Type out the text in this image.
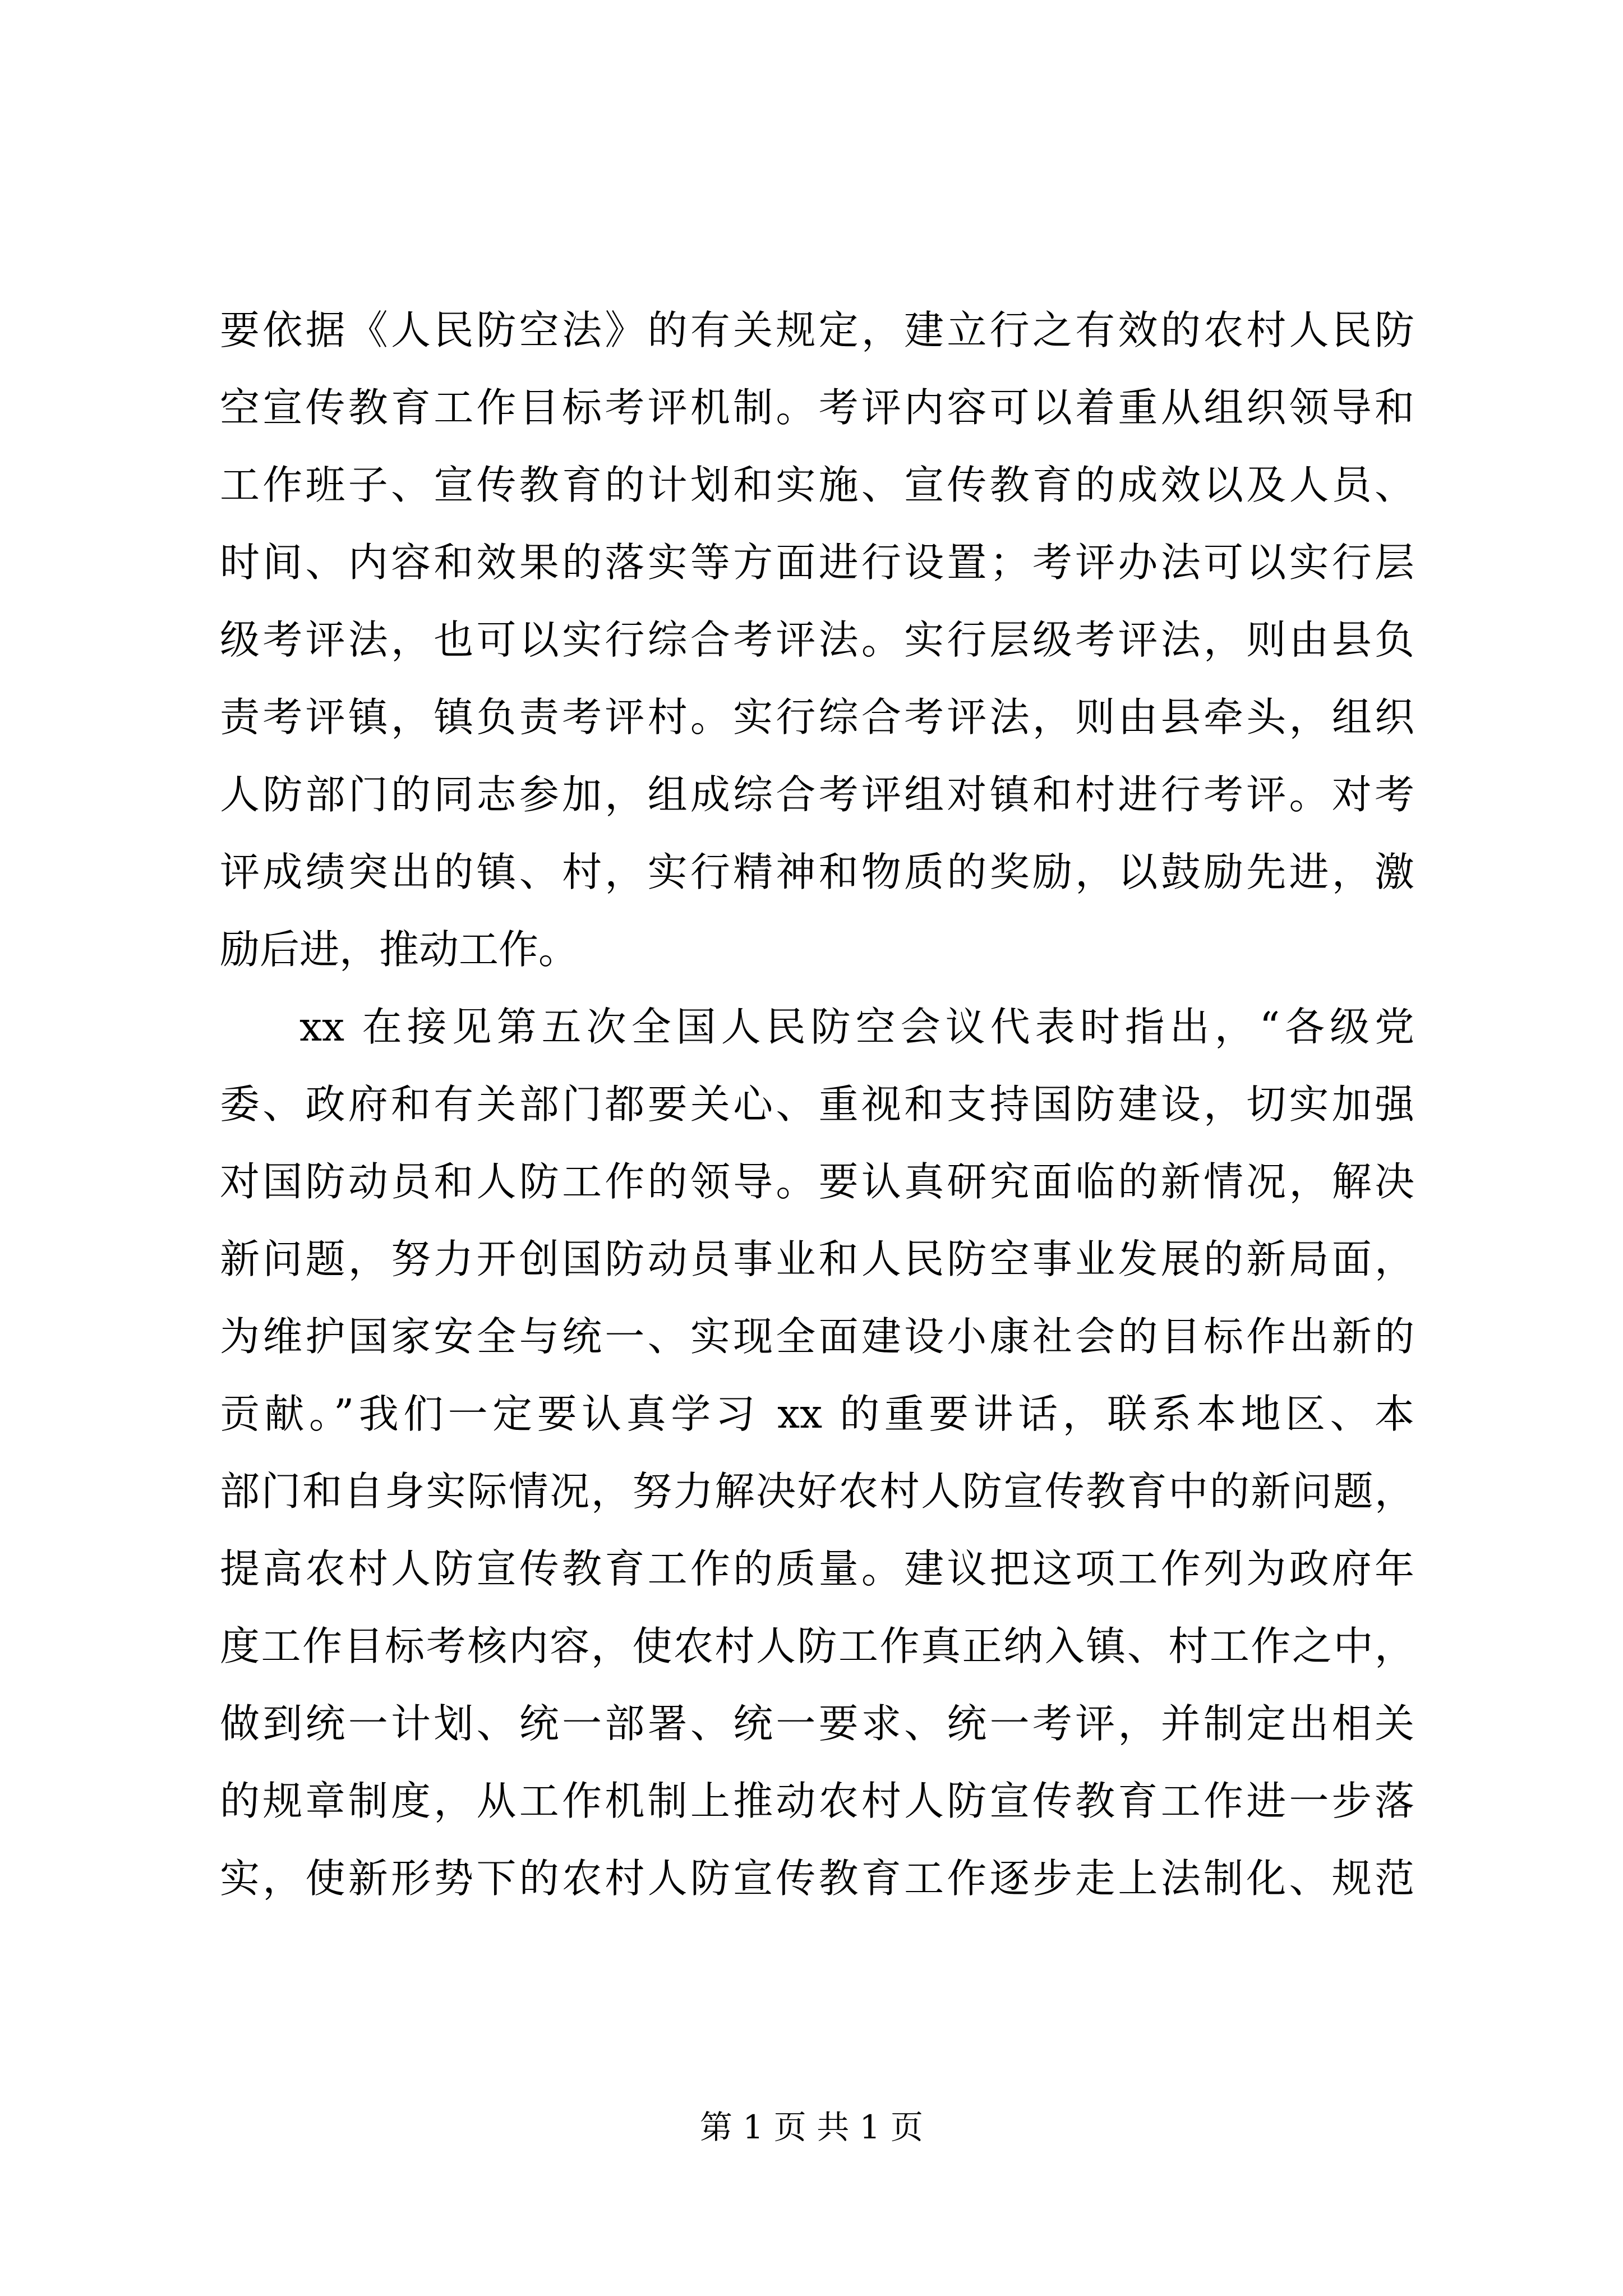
要依据《人民防空法》的有关规定，建立行之有效的农村人民防
空宣传教育工作目标考评机制。考评内容可以着重从组织领导和
工作班子、宣传教育的计划和实施、宣传教育的成效以及人员、
时间、内容和效果的落实等方面进行设置；考评办法可以实行层
级考评法，也可以实行综合考评法。实行层级考评法，则由县负
责考评镇，镇负责考评村。实行综合考评法，则由县牵头，组织
人防部门的同志参加，组成综合考评组对镇和村进行考评。对考
评成绩突出的镇、村，实行精神和物质的奖励，以鼓励先进，激
励后进，推动工作。
xx 在接见第五次全国人民防空会议代表时指出，“各级党
委、政府和有关部门都要关心、重视和支持国防建设，切实加强
对国防动员和人防工作的领导。要认真研究面临的新情况，解决
新问题，努力开创国防动员事业和人民防空事业发展的新局面，
为维护国家安全与统一、实现全面建设小康社会的目标作出新的
贡献。”我们一定要认真学习 xx 的重要讲话，联系本地区、本
部门和自身实际情况，努力解决好农村人防宣传教育中的新问题，
提高农村人防宣传教育工作的质量。建议把这项工作列为政府年
度工作目标考核内容，使农村人防工作真正纳入镇、村工作之中，
做到统一计划、统一部署、统一要求、统一考评，并制定出相关
的规章制度，从工作机制上推动农村人防宣传教育工作进一步落
实，使新形势下的农村人防宣传教育工作逐步走上法制化、规范
第 1 页 共 1 页
